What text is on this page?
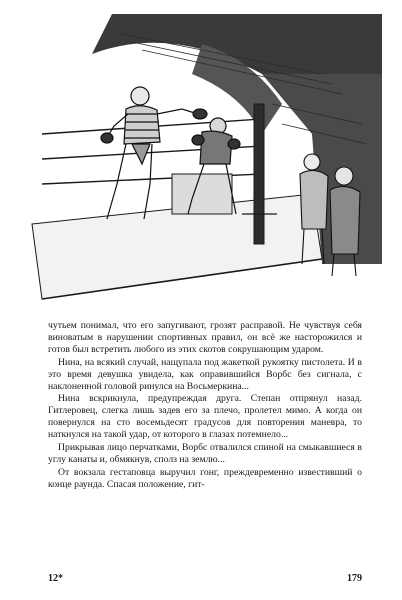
чутьем понимал, что его запугивают, грозят расправой. Не чувствуя себя виноватым в нарушении спортивных правил, он всё же насторожился и готов был встретить любого из этих скотов сокрушающим ударом.

Нина, на всякий случай, нащупала под жакеткой рукоятку пистолета. И в это время девушка увидела, как оправившийся Ворбс без сигнала, с наклоненной головой ринулся на Восьмеркина...

Нина вскрикнула, предупреждая друга. Степан отпрянул назад. Гитлеровец, слегка лишь задев его за плечо, пролетел мимо. А когда он повернулся на сто восемьдесят градусов для повторения маневра, то наткнулся на такой удар, от которого в глазах потемнело...

Прикрывая лицо перчатками, Ворбс отвалился спиной на смыкавшиеся в углу канаты и, обмякнув, сполз на землю...

От вокзала гестаповца выручил гонг, преждевременно известивший о конце раунда. Спасая положение, гит-

12*	179
